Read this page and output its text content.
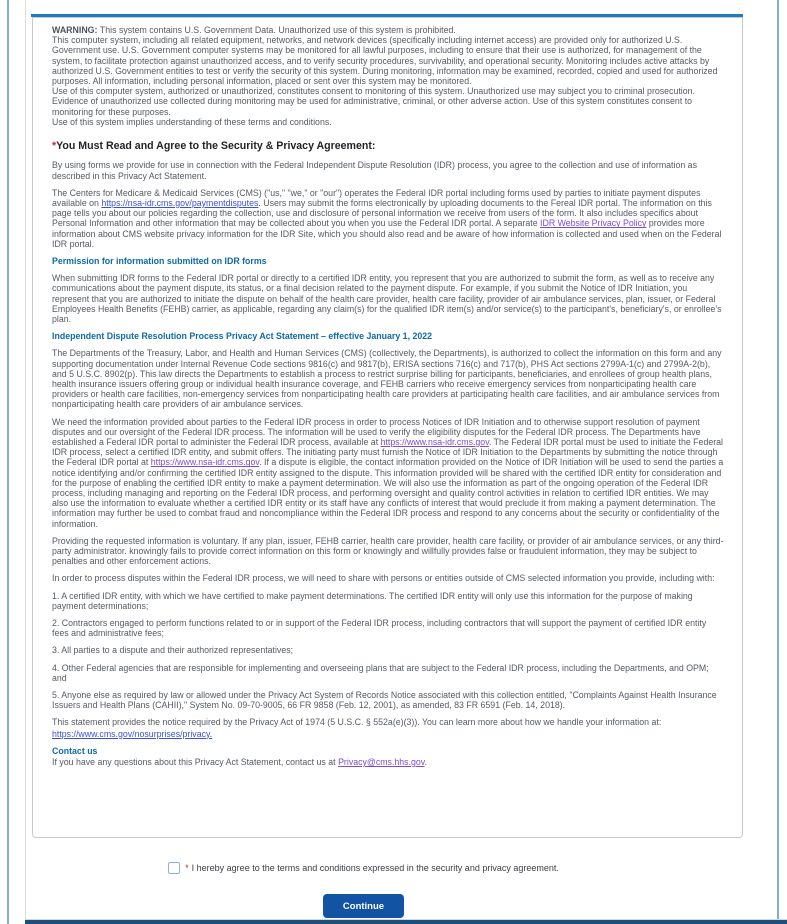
WARNING: This system contains U.S. Government Data. Unauthorized use of this system is prohibited.
This computer system, including all related equipment, networks, and network devices (specifically including internet access) are provided only for authorized U.S. Government use. U.S. Government computer systems may be monitored for all lawful purposes, including to ensure that their use is authorized, for management of the system, to facilitate protection against unauthorized access, and to verify security procedures, survivability, and operational security. Monitoring includes active attacks by authorized U.S. Government entities to test or verify the security of this system. During monitoring, information may be examined, recorded, copied and used for authorized purposes. All information, including personal information, placed or sent over this system may be monitored.
Use of this computer system, authorized or unauthorized, constitutes consent to monitoring of this system. Unauthorized use may subject you to criminal prosecution. Evidence of unauthorized use collected during monitoring may be used for administrative, criminal, or other adverse action. Use of this system constitutes consent to monitoring for these purposes.
Use of this system implies understanding of these terms and conditions.
*You Must Read and Agree to the Security & Privacy Agreement:
By using forms we provide for use in connection with the Federal Independent Dispute Resolution (IDR) process, you agree to the collection and use of information as described in this Privacy Act Statement.
The Centers for Medicare & Medicaid Services (CMS) ("us," "we," or "our") operates the Federal IDR portal including forms used by parties to initiate payment disputes available on https://nsa-idr.cms.gov/paymentdisputes. Users may submit the forms electronically by uploading documents to the Fereal IDR portal. The information on this page tells you about our policies regarding the collection, use and disclosure of personal information we receive from users of the form. It also includes specifics about Personal Information and other information that may be collected about you when you use the Federal IDR portal. A separate IDR Website Privacy Policy provides more information about CMS website privacy information for the IDR Site, which you should also read and be aware of how information is collected and used when on the Federal IDR portal.
Permission for information submitted on IDR forms
When submitting IDR forms to the Federal IDR portal or directly to a certified IDR entity, you represent that you are authorized to submit the form, as well as to receive any communications about the payment dispute, its status, or a final decision related to the payment dispute. For example, if you submit the Notice of IDR Initiation, you represent that you are authorized to initiate the dispute on behalf of the health care provider, health care facility, provider of air ambulance services, plan, issuer, or Federal Employees Health Benefits (FEHB) carrier, as applicable, regarding any claim(s) for the qualified IDR item(s) and/or service(s) to the participant's, beneficiary's, or enrollee's plan.
Independent Dispute Resolution Process Privacy Act Statement – effective January 1, 2022
The Departments of the Treasury, Labor, and Health and Human Services (CMS) (collectively, the Departments), is authorized to collect the information on this form and any supporting documentation under Internal Revenue Code sections 9816(c) and 9817(b), ERISA sections 716(c) and 717(b), PHS Act sections 2799A-1(c) and 2799A-2(b), and 5 U.S.C. 8902(p). This law directs the Departments to establish a process to restrict surprise billing for participants, beneficiaries, and enrollees of group health plans, health insurance issuers offering group or individual health insurance coverage, and FEHB carriers who receive emergency services from nonparticipating health care providers or health care facilities, non-emergency services from nonparticipating health care providers at participating health care facilities, and air ambulance services from nonparticipating health care providers of air ambulance services.
We need the information provided about parties to the Federal IDR process in order to process Notices of IDR Initiation and to otherwise support resolution of payment disputes and our oversight of the Federal IDR process. The information will be used to verify the eligibility disputes for the Federal IDR process. The Departments have established a Federal IDR portal to administer the Federal IDR process, available at https://www.nsa-idr.cms.gov. The Federal IDR portal must be used to initiate the Federal IDR process, select a certified IDR entity, and submit offers. The initiating party must furnish the Notice of IDR Initiation to the Departments by submitting the notice through the Federal IDR portal at https://www.nsa-idr.cms.gov. If a dispute is eligible, the contact information provided on the Notice of IDR Initiation will be used to send the parties a notice identifying and/or confirming the certified IDR entity assigned to the dispute. This information provided will be shared with the certified IDR entity for consideration and for the purpose of enabling the certified IDR entity to make a payment determination. We will also use the information as part of the ongoing operation of the Federal IDR process, including managing and reporting on the Federal IDR process, and performing oversight and quality control activities in relation to certified IDR entities. We may also use the information to evaluate whether a certified IDR entity or its staff have any conflicts of interest that would preclude it from making a payment determination. The information may further be used to combat fraud and noncompliance within the Federal IDR process and respond to any concerns about the security or confidentiality of the information.
Providing the requested information is voluntary. If any plan, issuer, FEHB carrier, health care provider, health care facility, or provider of air ambulance services, or any third-party administrator. knowingly fails to provide correct information on this form or knowingly and willfully provides false or fraudulent information, they may be subject to penalties and other enforcement actions.
In order to process disputes within the Federal IDR process, we will need to share with persons or entities outside of CMS selected information you provide, including with:
1. A certified IDR entity, with which we have certified to make payment determinations. The certified IDR entity will only use this information for the purpose of making payment determinations;
2. Contractors engaged to perform functions related to or in support of the Federal IDR process, including contractors that will support the payment of certified IDR entity fees and administrative fees;
3. All parties to a dispute and their authorized representatives;
4. Other Federal agencies that are responsible for implementing and overseeing plans that are subject to the Federal IDR process, including the Departments, and OPM; and
5. Anyone else as required by law or allowed under the Privacy Act System of Records Notice associated with this collection entitled, "Complaints Against Health Insurance Issuers and Health Plans (CAHII)," System No. 09-70-9005, 66 FR 9858 (Feb. 12, 2001), as amended, 83 FR 6591 (Feb. 14, 2018).
This statement provides the notice required by the Privacy Act of 1974 (5 U.S.C. § 552a(e)(3)). You can learn more about how we handle your information at:
https://www.cms.gov/nosurprises/privacy.
Contact us
If you have any questions about this Privacy Act Statement, contact us at Privacy@cms.hhs.gov.
* I hereby agree to the terms and conditions expressed in the security and privacy agreement.
Continue
